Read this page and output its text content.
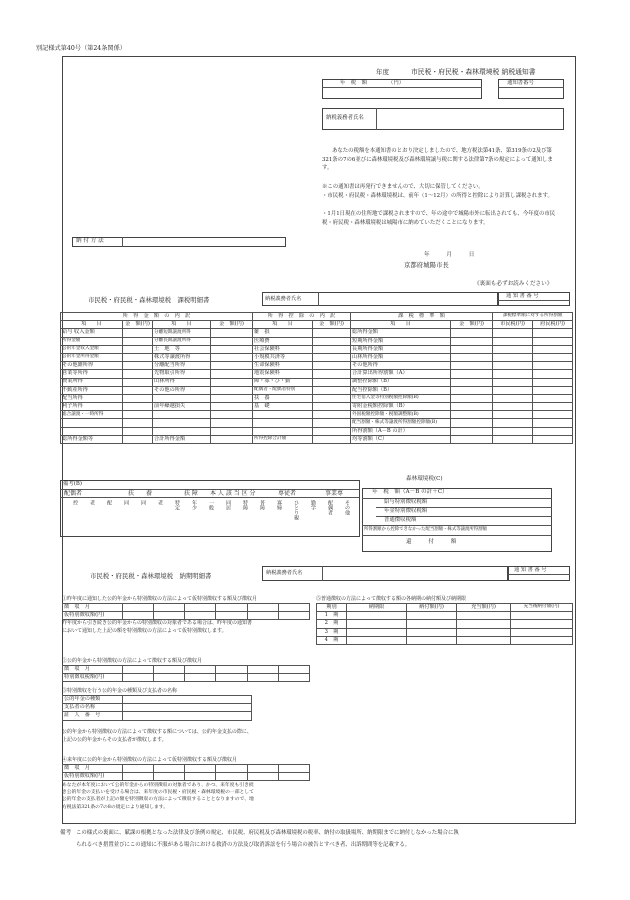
別記様式第40号（第24条関係）
年度	市民税・府民税・森林環境税 納税通知書
年　税　額	（円）	通知書番号
納税義務者氏名
あなたの税額を本通知書のとおり決定しましたので、地方税法第41条、第319条の2及び第321条の7の6並びに森林環境税及び森林環境譲与税に関する法律第7条の規定によって通知します。
※この通知書は再発行できませんので、大切に保管してください。
・市民税・府民税・森林環境税は、前年（1～12月）の所得と控除により計算し課税されます。
・1月1日現在の住所地で課税されますので、年の途中で城陽市外に転出されても、今年度の市民税・府民税・森林環境税は城陽市に納めていただくことになります。
納 付 方 法
年　　　月　　　日
京都府城陽市長
《裏面も必ずお読みください》
市民税・府民税・森林環境税　課税明細書	納税義務者氏名	通 知 書 番 号
所　得　金　額　の　内　訳				所　得　控　除　の　内　訳		課　税　標　準　額		課税標準額に対する所得割額	
項　　目	金　額(円)	項　　目	金　額(円)	項　　目	金　額(円)	項　　目	金　額(円)	市民税(円)	府民税(円)
給与 収入金額		分離短期譲渡所得		雑　損		総所得金額			
所得金額		分離長期譲渡所得		医療費		短期所得金額			
公的年金収入金額		土　地　等		社会保険料		長期所得金額			
公的年金所得金額		株式等譲渡所得		小規模共済等		山林所得金額			
その他雑所得		分離配当所得		生命保険料		その他所得			
営業等所得		先物取引所得		地震保険料		合計算出所得割額（A）			
農業所得		山林所得		障・寡・ひ・勤		調整控除額（B）			
不動産所得		その他の所得		配偶者・配偶者特別		配当控除額（B）			
配当所得				扶　養		住宅借入金等特別税額控除額(B)			
利子所得		前年繰越損失		基　礎		寄附金税額控除額（B）			
総合譲渡・一時所得						外国税額控除額・税額調整額(B)			
						配当割額・株式等譲渡所得割額控除額(B)			
						所得割額（A－B の計）			
総所得金額等		合計所得金額		所得控除合計額		均等割額（C）			
備考(B)
配偶者	扶　　養	扶 障 本 人 該 当 区 分	専従者	事業専
控	老	配	同	同	老	特定	年少	一般	同居	特障	普障	寡婦	ひとり親	勤学	配偶者	その他
年　税　額（A－B の計＋C）
給与特別徴収税額
年金特別徴収税額
普通徴収税額
所得割額から控除できなかった配当割額・株式等譲渡所得割額
還　　　付　　　額
森林環境税(C)
市民税・府民税・森林環境税　納期明細書	納税義務者氏名	通 知 書 番 号
①昨年度に通知した公的年金から特別徴収の方法によって仮特別徴収する額及び徴収月
徴　収　月						
仮特別徴収額(円)						
昨年度から引き続き公的年金からの特別徴収の対象者である場合は、昨年度の通知書において通知した上記の額を特別徴収の方法によって仮特別徴収します。
②公的年金から特別徴収の方法によって徴収する額及び徴収月
徴　収　月						
特別徴収税額(円)						
③特別徴収を行う公的年金の種類及び支払者の名称
公的年金の種類	
支払者の名称	
証　人　番　号	
公的年金から特別徴収の方法によって徴収する額については、公的年金支払の際に、上記の公的年金からその支払者が徴収します。
④来年度に公的年金から特別徴収の方法によって仮特別徴収する額及び徴収月
徴　収　月						
仮特別徴収額(円)						
あなたが本年度において公的年金からの特別徴収の対象者であり、かつ、来年度も引き続き公的年金の支払いを受ける場合は、来年度の市民税・府民税・森林環境税の一部として公的年金の支払者が上記の額を特別徴収の方法によって徴収することとなりますので、地方税法第321条の7の8の規定により通知します。
⑤普通徴収の方法によって徴収する額の各納期の納付額及び納期限
期別	納期限	納付額(円)	充当額(円)	充当後納付額(円)
1　期				
2　期				
3　期				
4　期				
備考 この様式の裏面に、賦課の根拠となった法律及び条例の規定、市民税、府民税及び森林環境税の税率、納付の取扱場所、納期限までに納付しなかった場合に執
られるべき措置並びにこの通知に不服がある場合における救済の方法及び取消訴訟を行う場合の被告とすべき者、出訴期間等を記載する。
